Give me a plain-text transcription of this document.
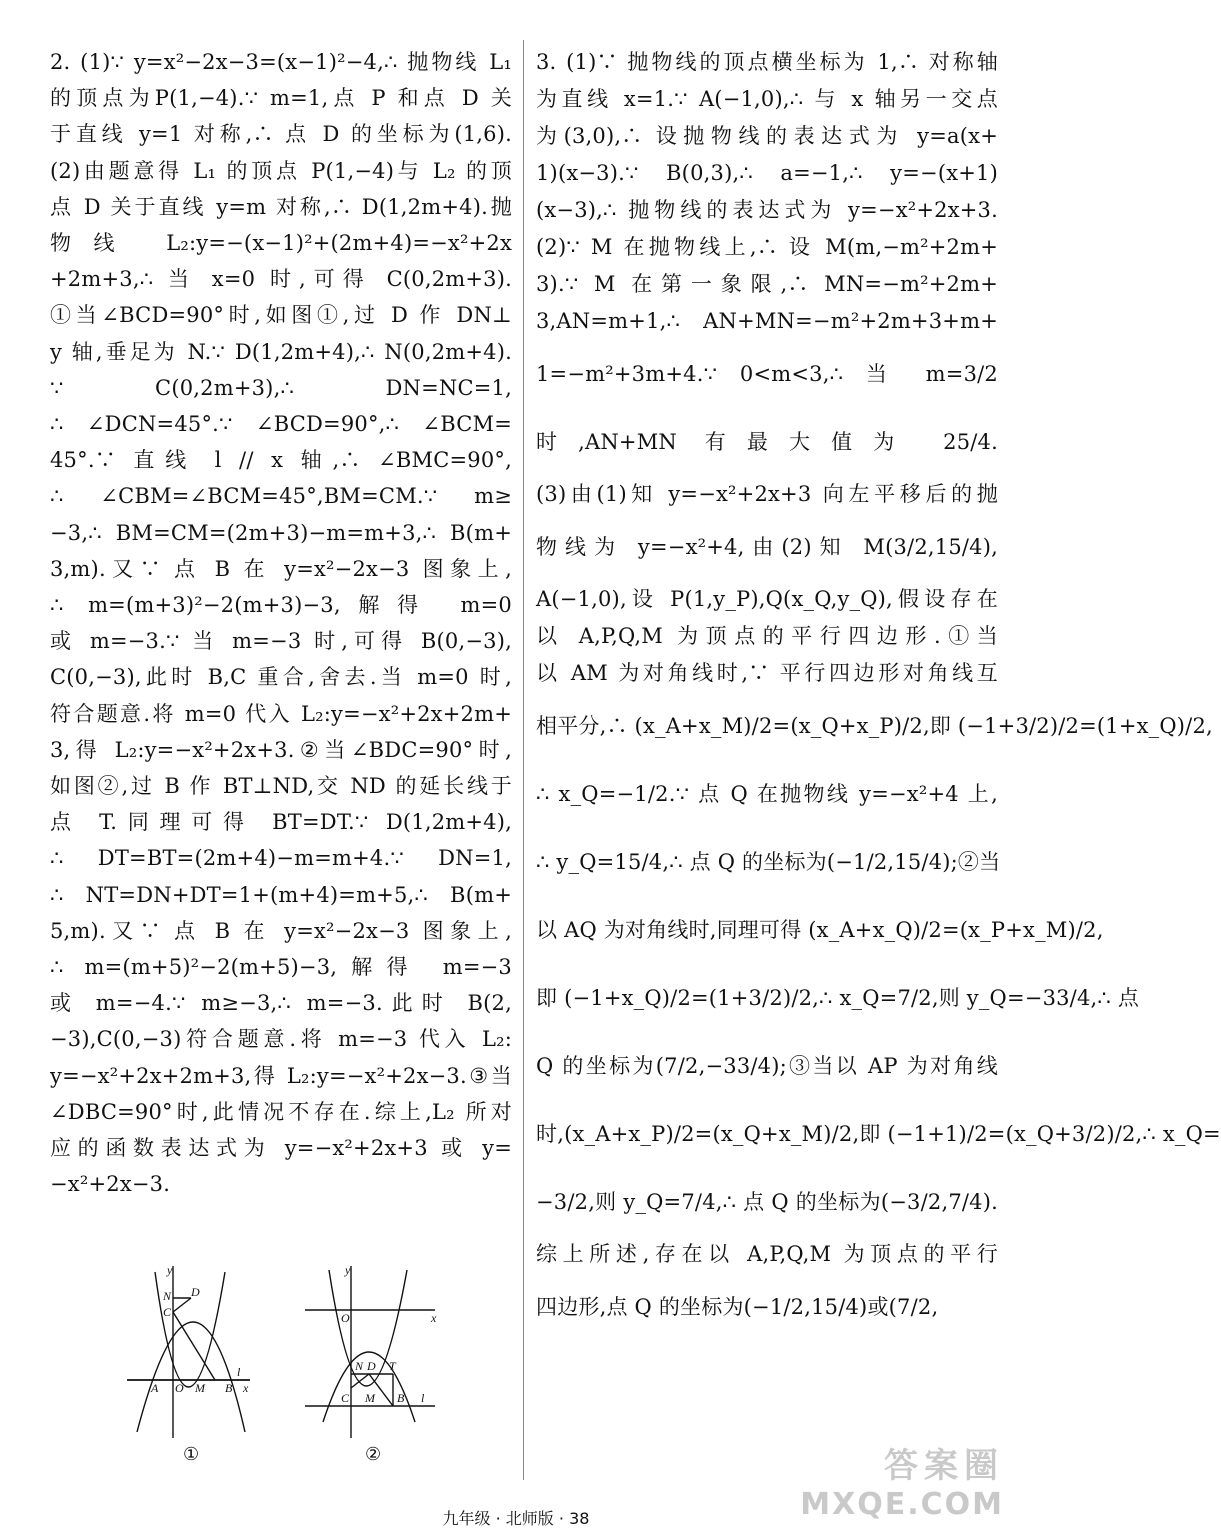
2. (1)∵ y=x²−2x−3=(x−1)²−4,∴ 抛物线 L₁
的顶点为P(1,−4).∵ m=1,点 P 和点 D 关
于直线 y=1 对称,∴ 点 D 的坐标为(1,6).
(2)由题意得 L₁ 的顶点 P(1,−4)与 L₂ 的顶
点 D 关于直线 y=m 对称,∴ D(1,2m+4).抛
物线 L₂:y=−(x−1)²+(2m+4)=−x²+2x
+2m+3,∴ 当 x=0 时,可得 C(0,2m+3).
①当∠BCD=90°时,如图①,过 D 作 DN⊥
y 轴,垂足为 N.∵ D(1,2m+4),∴ N(0,2m+4).
∵ C(0,2m+3),∴ DN=NC=1,
∴ ∠DCN=45°.∵ ∠BCD=90°,∴ ∠BCM=
45°.∵ 直线 l // x 轴,∴ ∠BMC=90°,
∴ ∠CBM=∠BCM=45°,BM=CM.∵ m≥
−3,∴ BM=CM=(2m+3)−m=m+3,∴ B(m+
3,m).又∵ 点 B 在 y=x²−2x−3 图象上,
∴ m=(m+3)²−2(m+3)−3,解得 m=0
或 m=−3.∵ 当 m=−3 时,可得 B(0,−3),
C(0,−3),此时 B,C 重合,舍去.当 m=0 时,
符合题意.将 m=0 代入 L₂:y=−x²+2x+2m+
3,得 L₂:y=−x²+2x+3.②当∠BDC=90°时,
如图②,过 B 作 BT⊥ND,交 ND 的延长线于
点 T.同理可得 BT=DT.∵ D(1,2m+4),
∴ DT=BT=(2m+4)−m=m+4.∵ DN=1,
∴ NT=DN+DT=1+(m+4)=m+5,∴ B(m+
5,m).又∵ 点 B 在 y=x²−2x−3 图象上,
∴ m=(m+5)²−2(m+5)−3,解得 m=−3
或 m=−4.∵ m≥−3,∴ m=−3.此时 B(2,
−3),C(0,−3)符合题意.将 m=−3 代入 L₂:
y=−x²+2x+2m+3,得 L₂:y=−x²+2x−3.③当
∠DBC=90°时,此情况不存在.综上,L₂ 所对
应的函数表达式为 y=−x²+2x+3 或 y=
−x²+2x−3.
3. (1)∵ 抛物线的顶点横坐标为 1,∴ 对称轴
为直线 x=1.∵ A(−1,0),∴ 与 x 轴另一交点
为(3,0),∴ 设抛物线的表达式为 y=a(x+
1)(x−3).∵ B(0,3),∴ a=−1,∴ y=−(x+1)
(x−3),∴ 抛物线的表达式为 y=−x²+2x+3.
(2)∵ M 在抛物线上,∴ 设 M(m,−m²+2m+
3).∵ M 在第一象限,∴ MN=−m²+2m+
3,AN=m+1,∴ AN+MN=−m²+2m+3+m+
1=−m²+3m+4.∵ 0<m<3,∴ 当 m=3/2
时,AN+MN 有最大值为 25/4.
(3)由(1)知 y=−x²+2x+3 向左平移后的抛
物线为 y=−x²+4,由(2)知 M(3/2,15/4),
A(−1,0),设 P(1,y_P),Q(x_Q,y_Q),假设存在
以 A,P,Q,M 为顶点的平行四边形.①当
以 AM 为对角线时,∵ 平行四边形对角线互
相平分,∴ (x_A+x_M)/2=(x_Q+x_P)/2,即 (−1+3/2)/2=(1+x_Q)/2,
∴ x_Q=−1/2.∵ 点 Q 在抛物线 y=−x²+4 上,
∴ y_Q=15/4,∴ 点 Q 的坐标为(−1/2,15/4);②当
以 AQ 为对角线时,同理可得 (x_A+x_Q)/2=(x_P+x_M)/2,
即 (−1+x_Q)/2=(1+3/2)/2,∴ x_Q=7/2,则 y_Q=−33/4,∴ 点
Q 的坐标为(7/2,−33/4);③当以 AP 为对角线
时,(x_A+x_P)/2=(x_Q+x_M)/2,即 (−1+1)/2=(x_Q+3/2)/2,∴ x_Q=
−3/2,则 y_Q=7/4,∴ 点 Q 的坐标为(−3/2,7/4).
综上所述,存在以 A,P,Q,M 为顶点的平行
四边形,点 Q 的坐标为(−1/2,15/4)或(7/2,
y
D
N
C
A O M B x
l
①
y
O	x
N D T
C M B l
②
九年级 · 北师版 · 38
答案圈
MXQE.COM
